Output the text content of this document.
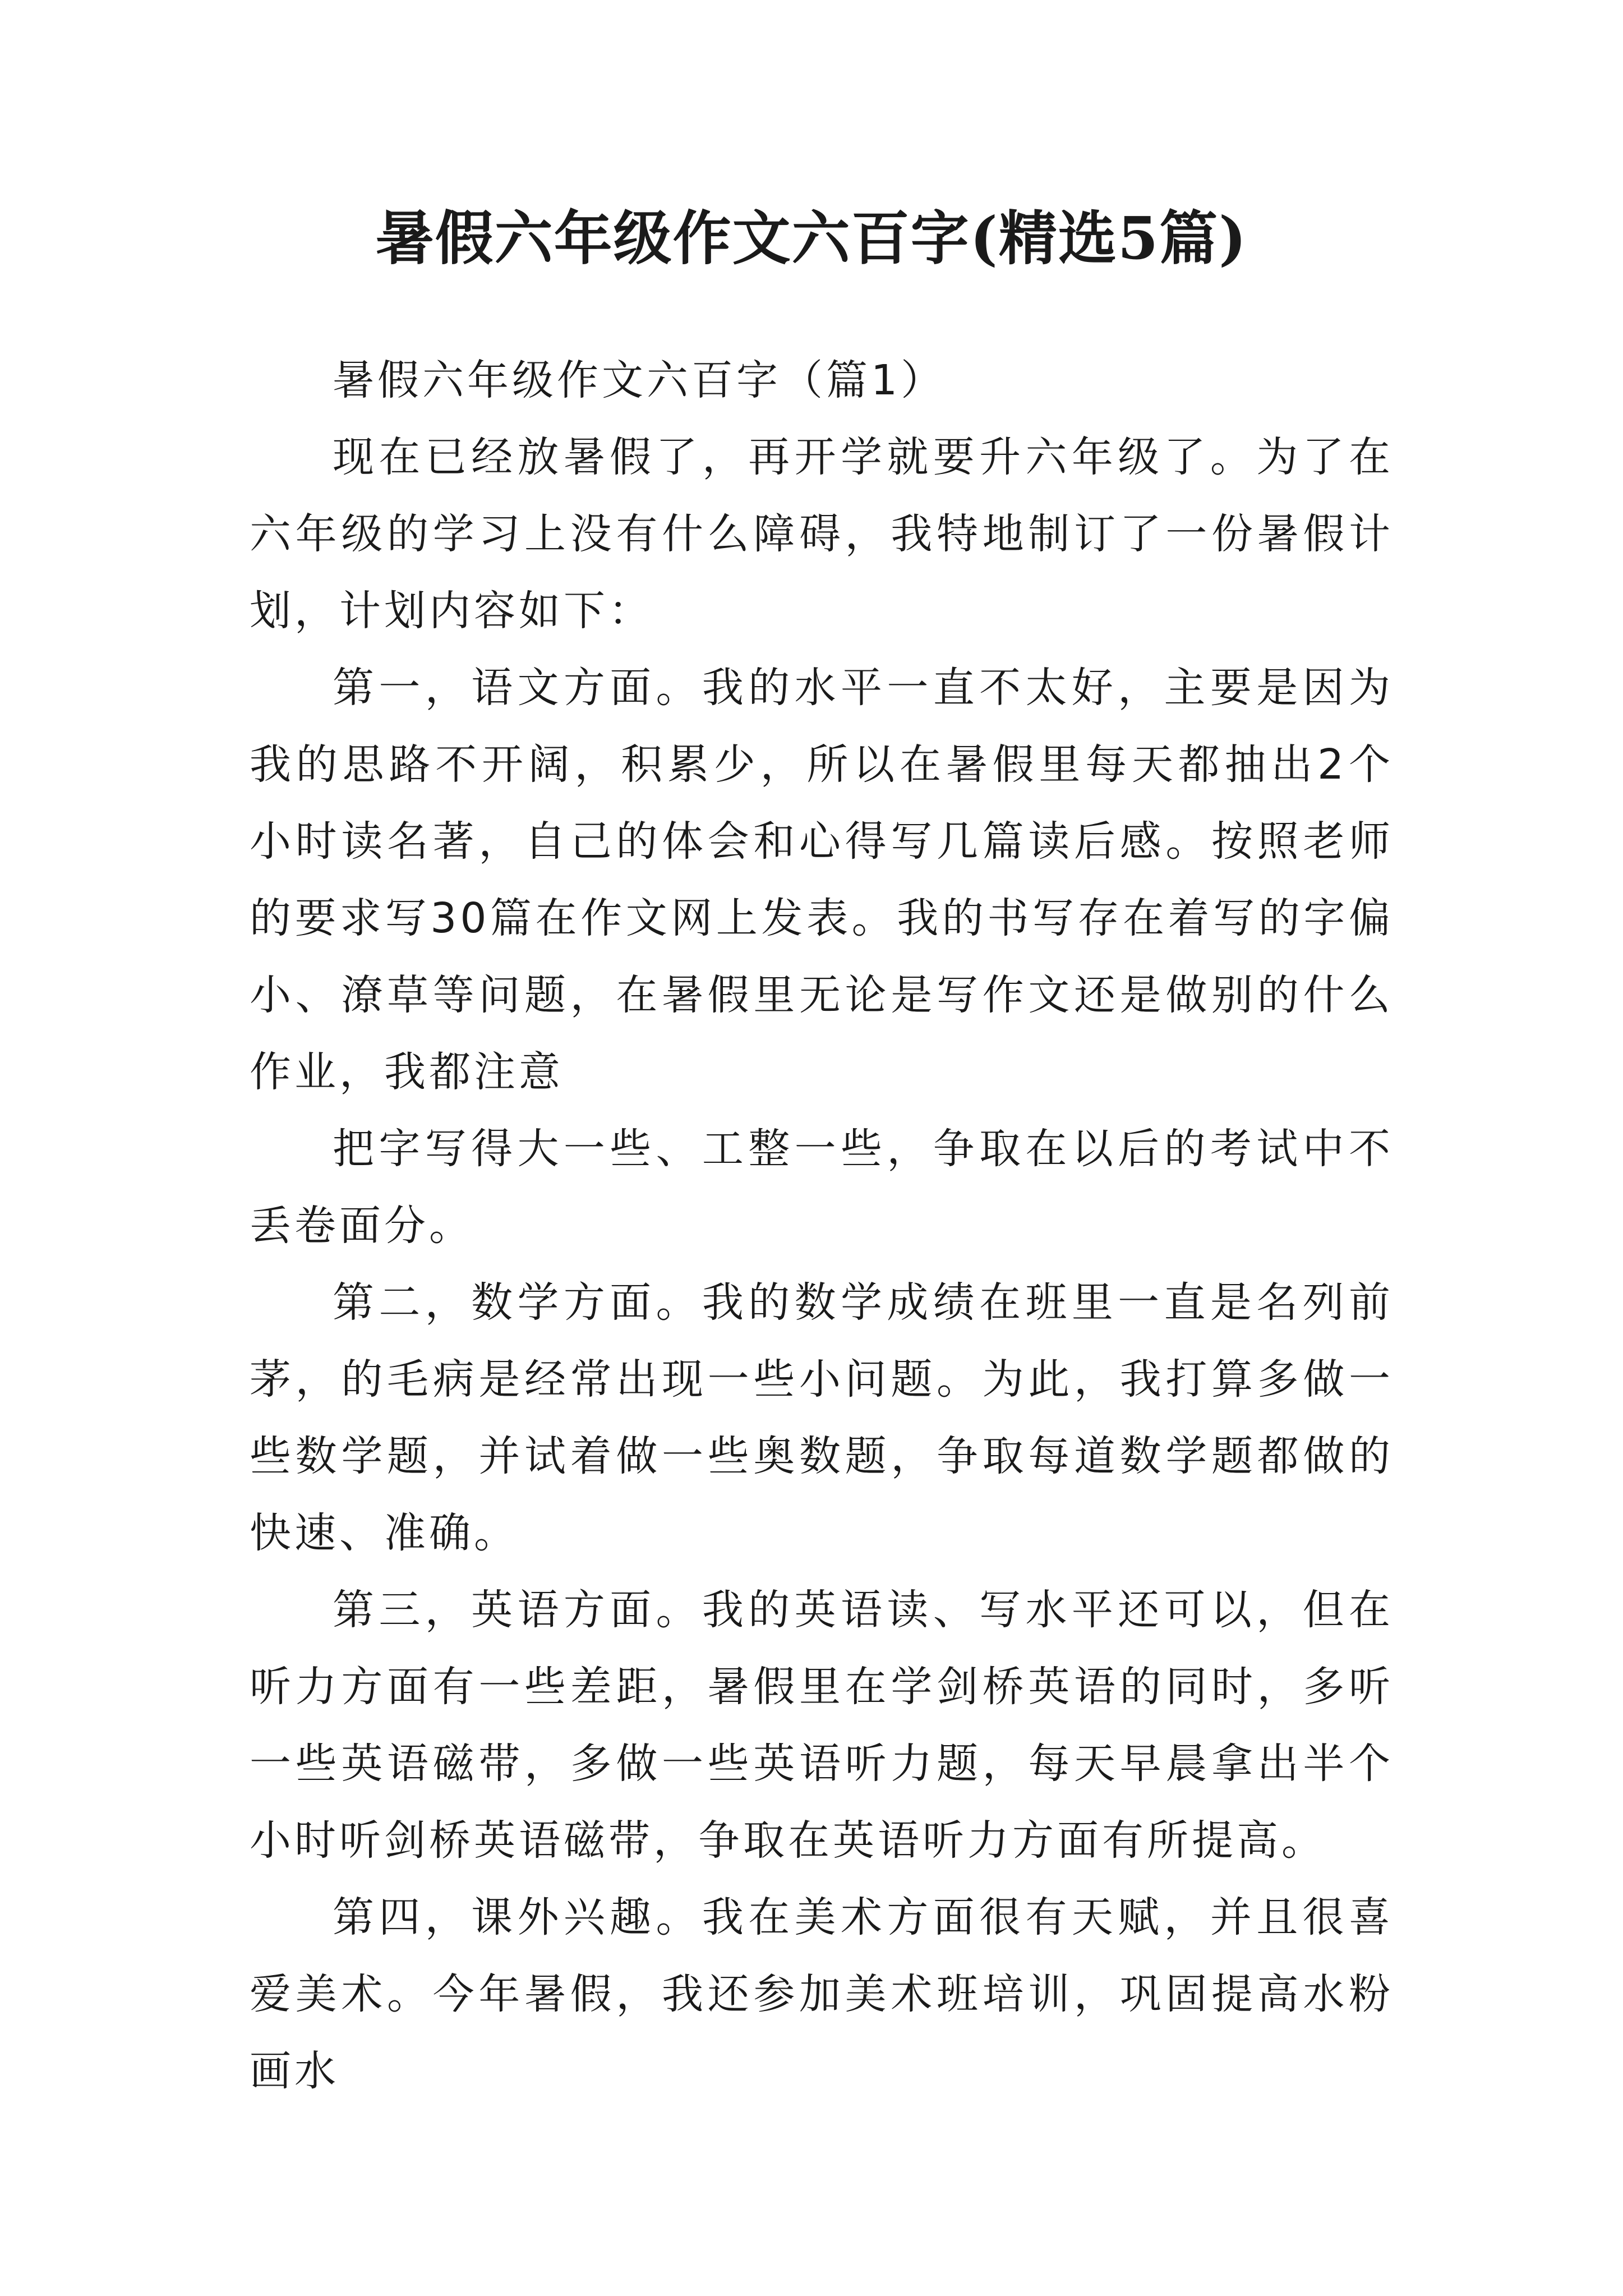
暑假六年级作文六百字(精选5篇)

暑假六年级作文六百字（篇1）

现在已经放暑假了，再开学就要升六年级了。为了在六年级的学习上没有什么障碍，我特地制订了一份暑假计划，计划内容如下：

第一，语文方面。我的水平一直不太好，主要是因为我的思路不开阔，积累少，所以在暑假里每天都抽出2个小时读名著，自己的体会和心得写几篇读后感。按照老师的要求写30篇在作文网上发表。我的书写存在着写的字偏小、潦草等问题，在暑假里无论是写作文还是做别的什么作业，我都注意

把字写得大一些、工整一些，争取在以后的考试中不丢卷面分。

第二，数学方面。我的数学成绩在班里一直是名列前茅，的毛病是经常出现一些小问题。为此，我打算多做一些数学题，并试着做一些奥数题，争取每道数学题都做的快速、准确。

第三，英语方面。我的英语读、写水平还可以，但在听力方面有一些差距，暑假里在学剑桥英语的同时，多听一些英语磁带，多做一些英语听力题，每天早晨拿出半个小时听剑桥英语磁带，争取在英语听力方面有所提高。

第四，课外兴趣。我在美术方面很有天赋，并且很喜爱美术。今年暑假，我还参加美术班培训，巩固提高水粉画水
